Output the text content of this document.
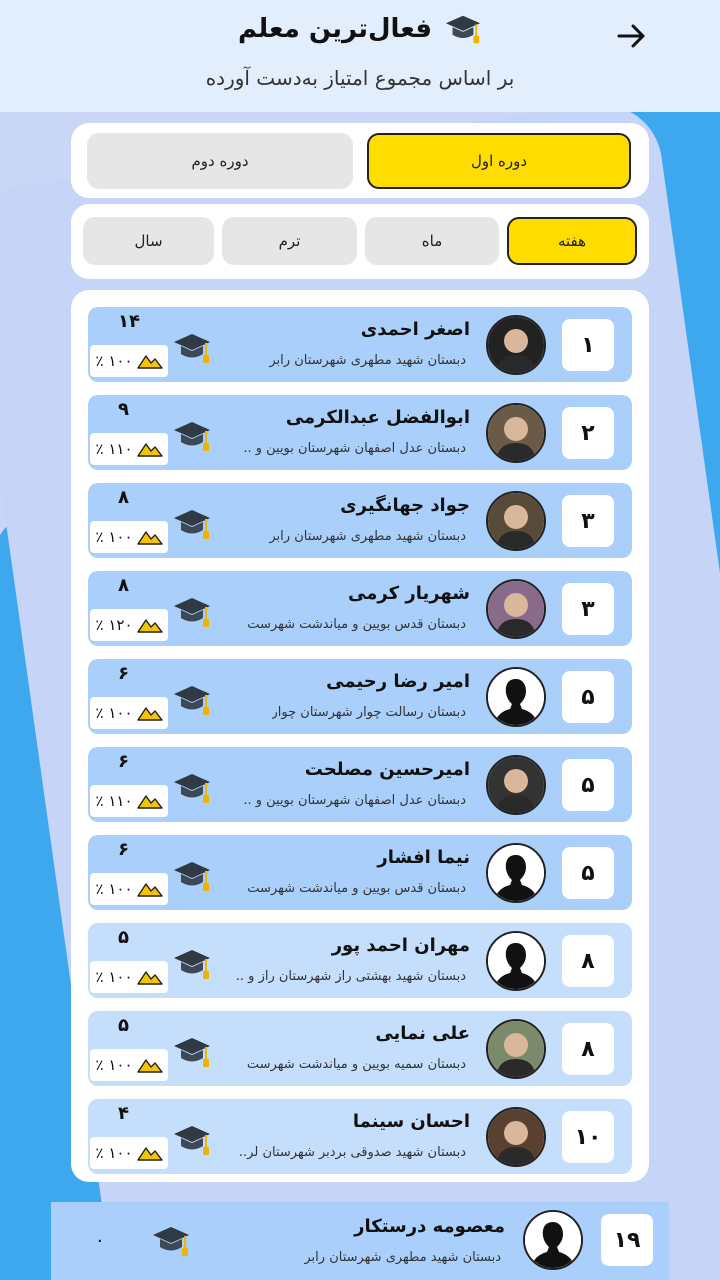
فعال‌ترین معلم
بر اساس مجموع امتیاز به‌دست آورده
دوره اول
دوره دوم
هفته
ماه
ترم
سال
۱
اصغر احمدی
دبستان شهید مطهری شهرستان رابر
۱۴
٪ ۱۰۰
۲
ابوالفضل عبدالکرمی
دبستان عدل اصفهان شهرستان بویین و ..
۹
٪ ۱۱۰
۳
جواد جهانگیری
دبستان شهید مطهری شهرستان رابر
۸
٪ ۱۰۰
۳
شهریار کرمی
دبستان قدس بویین و میاندشت شهرست
۸
٪ ۱۲۰
۵
امیر رضا رحیمی
دبستان رسالت چوار شهرستان چوار
۶
٪ ۱۰۰
۵
امیرحسین مصلحت
دبستان عدل اصفهان شهرستان بویین و ..
۶
٪ ۱۱۰
۵
نیما افشار
دبستان قدس بویین و میاندشت شهرست
۶
٪ ۱۰۰
۸
مهران احمد پور
دبستان شهید بهشتی راز شهرستان راز و ..
۵
٪ ۱۰۰
۸
علی نمایی
دبستان سمیه بویین و میاندشت شهرست
۵
٪ ۱۰۰
۱۰
احسان سینما
دبستان شهید صدوقی بردبر شهرستان لر..
۴
٪ ۱۰۰
۱۹
معصومه درستکار
دبستان شهید مطهری شهرستان رابر
۰
